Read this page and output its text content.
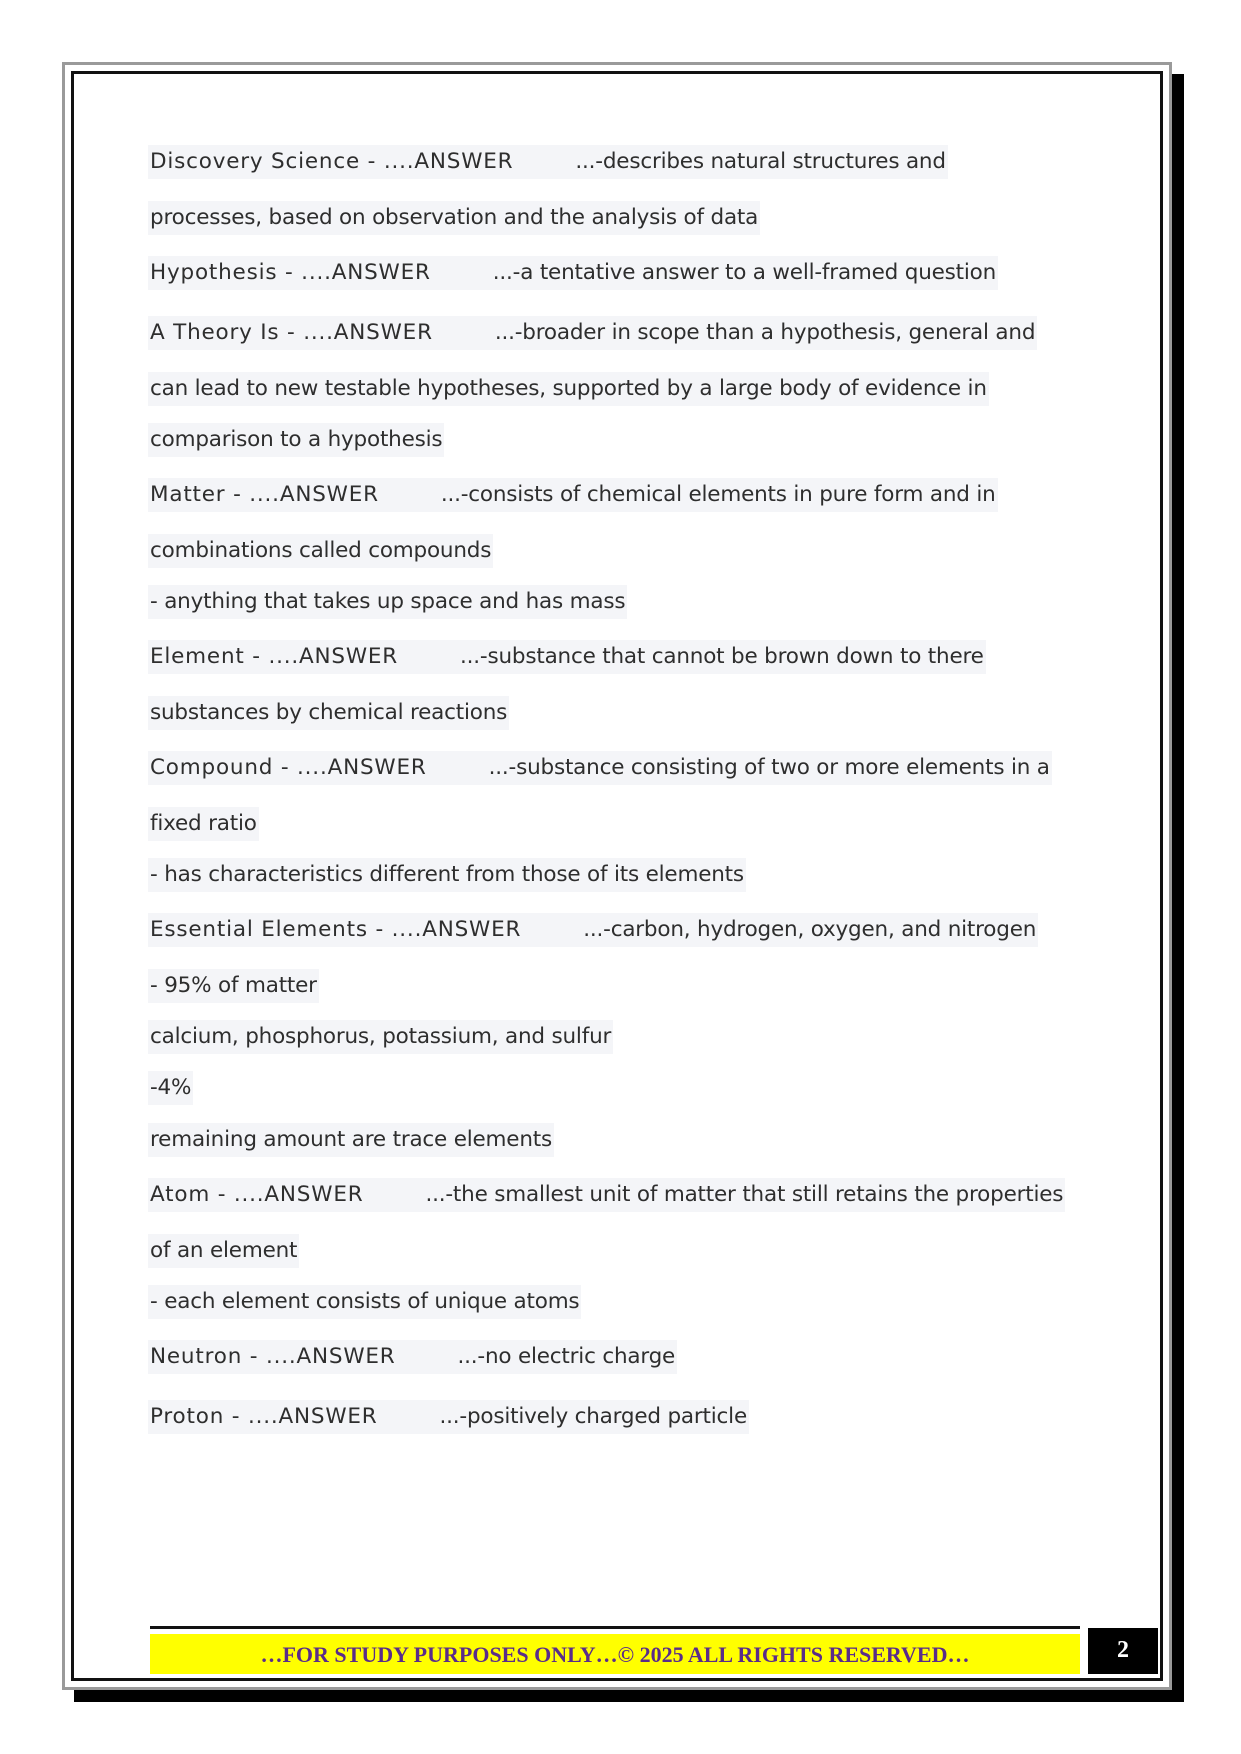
Discovery Science - ....ANSWER	...-describes natural structures and
processes, based on observation and the analysis of data
Hypothesis - ....ANSWER	...-a tentative answer to a well-framed question
A Theory Is - ....ANSWER	...-broader in scope than a hypothesis, general and
can lead to new testable hypotheses, supported by a large body of evidence in
comparison to a hypothesis
Matter - ....ANSWER	...-consists of chemical elements in pure form and in
combinations called compounds
- anything that takes up space and has mass
Element - ....ANSWER	...-substance that cannot be brown down to there
substances by chemical reactions
Compound - ....ANSWER	...-substance consisting of two or more elements in a
fixed ratio
- has characteristics different from those of its elements
Essential Elements - ....ANSWER	...-carbon, hydrogen, oxygen, and nitrogen
- 95% of matter
calcium, phosphorus, potassium, and sulfur
-4%
remaining amount are trace elements
Atom - ....ANSWER	...-the smallest unit of matter that still retains the properties
of an element
- each element consists of unique atoms
Neutron - ....ANSWER	...-no electric charge
Proton - ....ANSWER	...-positively charged particle
…FOR STUDY PURPOSES ONLY…© 2025 ALL RIGHTS RESERVED…	2
